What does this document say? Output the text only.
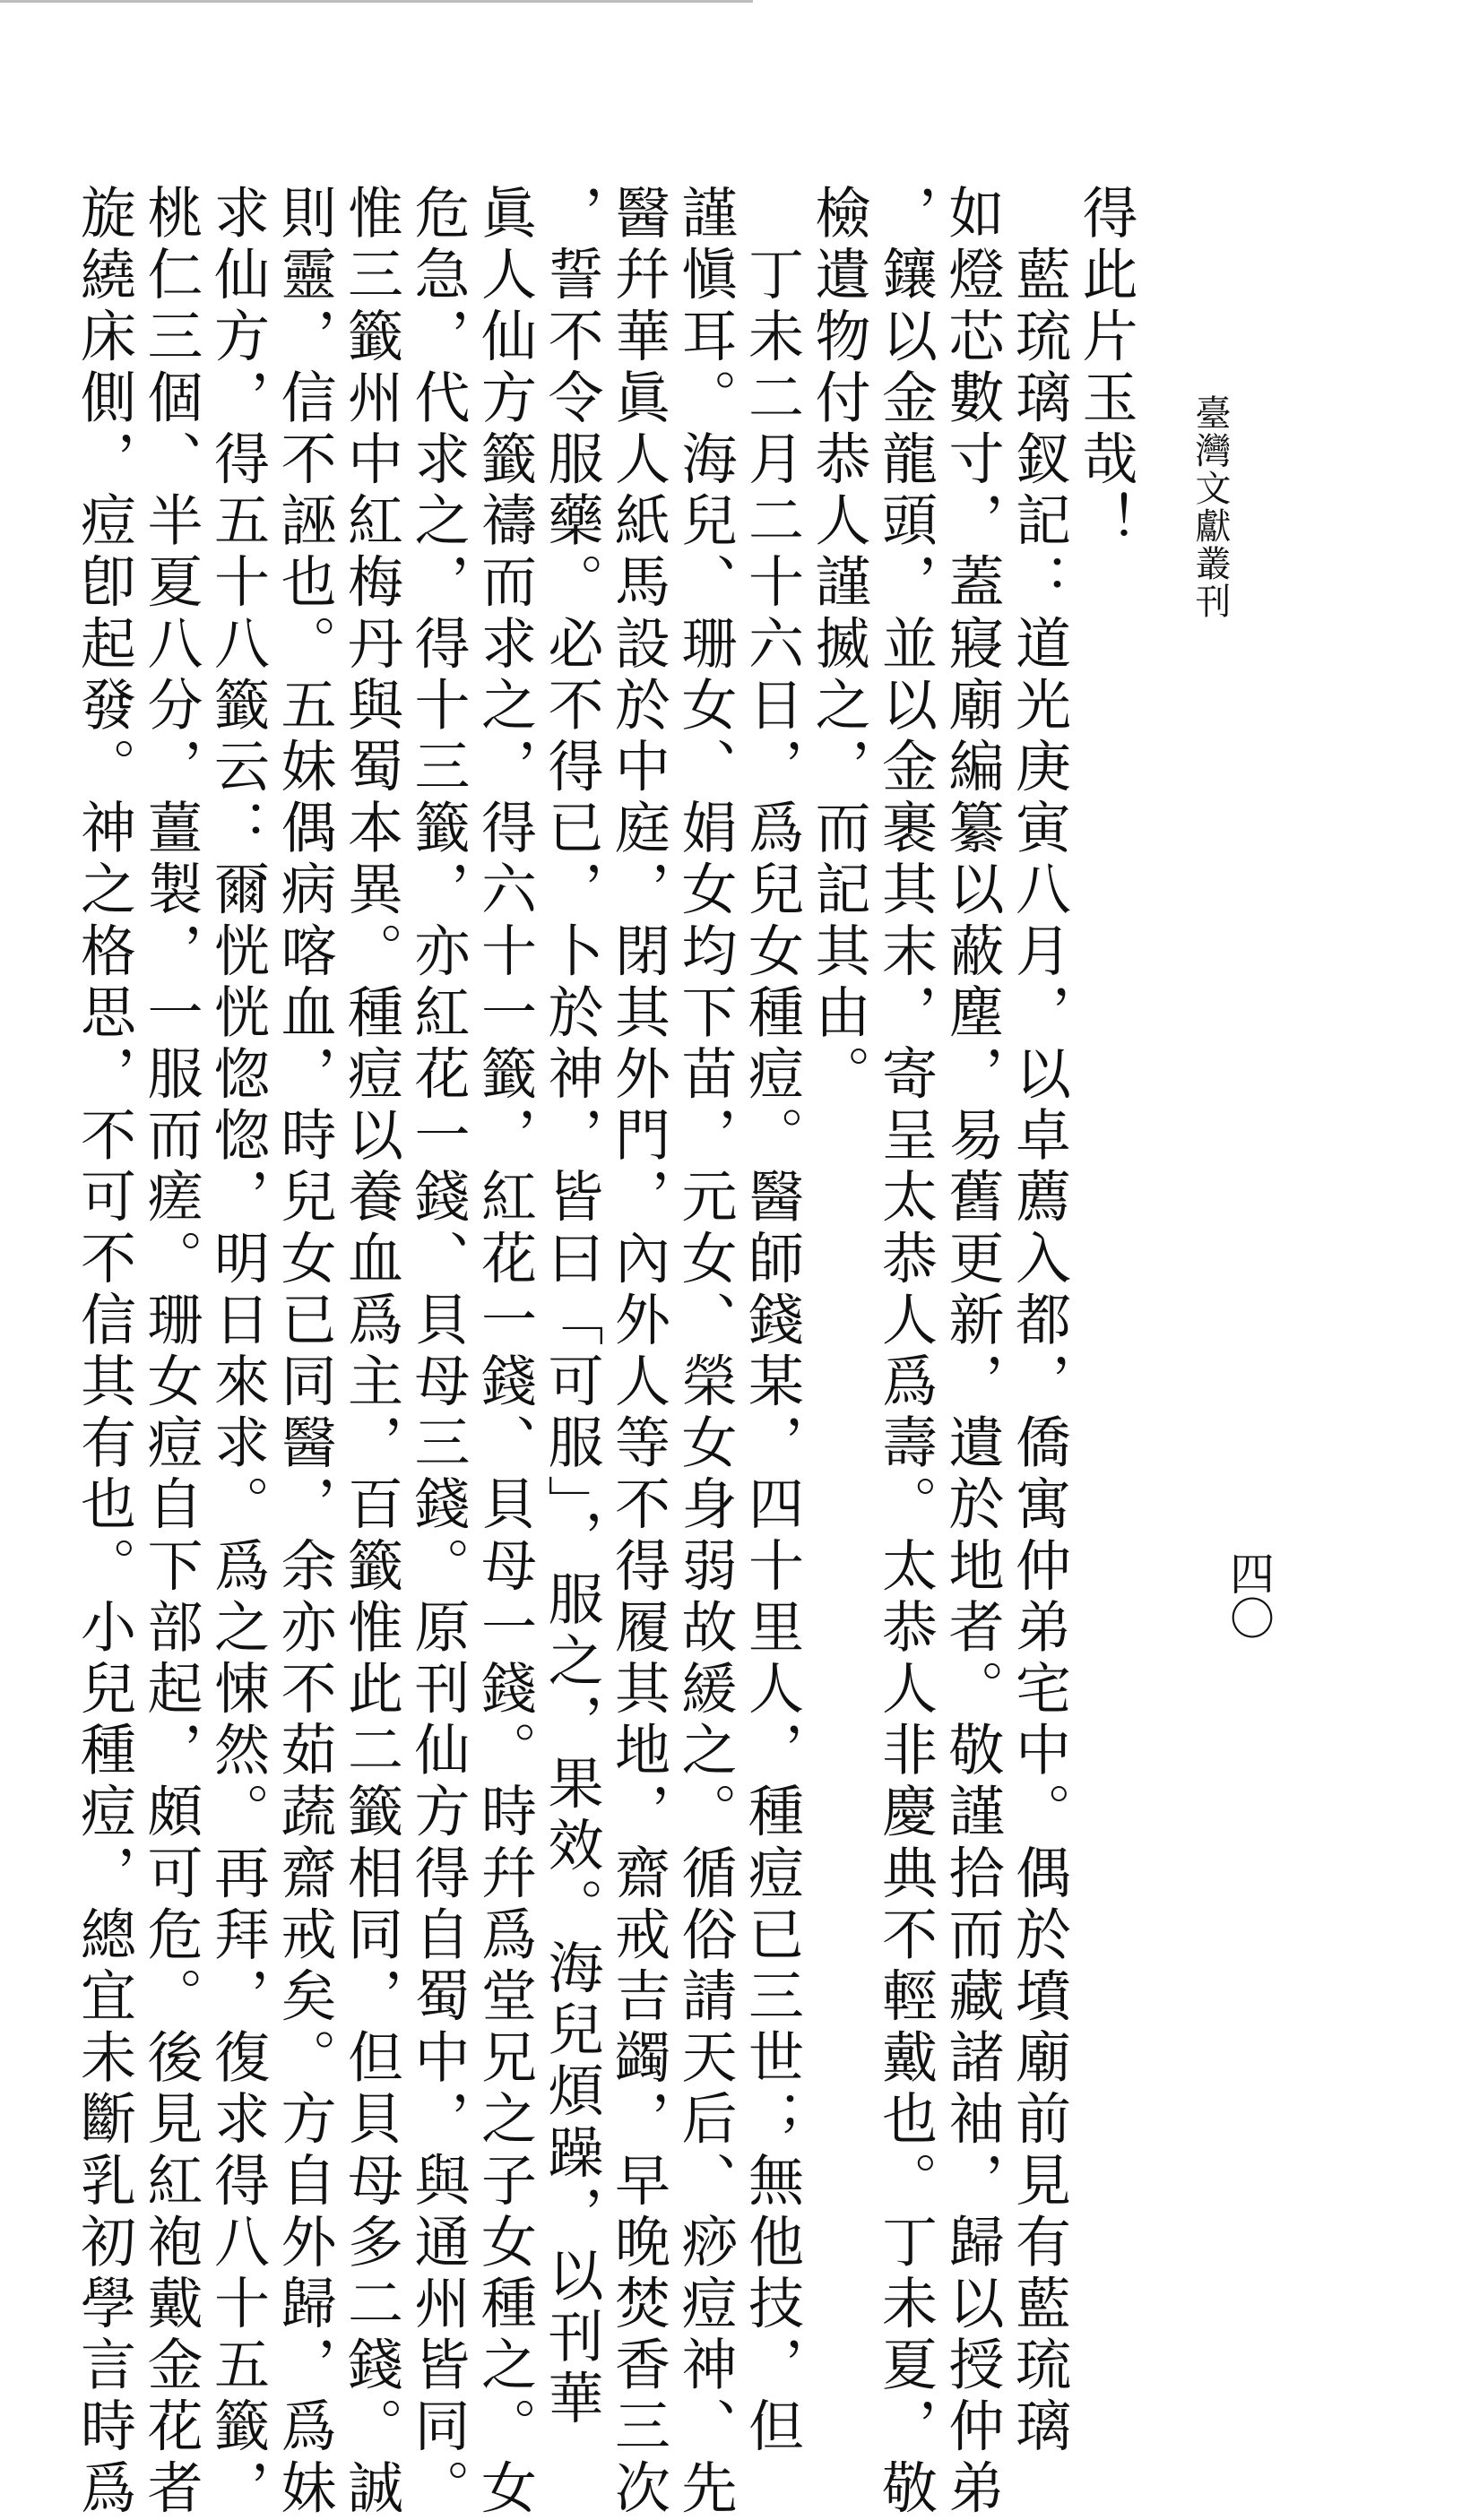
臺灣文獻叢刊
四〇
得此片玉哉！
　藍琉璃釵記：道光庚寅八月，以卓薦入都，僑寓仲弟宅中。偶於墳廟前見有藍琉璃
如燈芯數寸，蓋寢廟編纂以蔽塵，易舊更新，遺於地者。敬謹拾而藏諸袖，歸以授仲弟
，鑲以金龍頭，並以金裹其末，寄呈太恭人爲壽。太恭人非慶典不輕戴也。丁未夏，敬
檢遺物付恭人謹揻之，而記其由。
　丁未二月二十六日，爲兒女種痘。醫師錢某，四十里人，種痘已三世；無他技，但
謹愼耳。海兒、珊女、娟女均下苗，元女、榮女身弱故緩之。循俗請天后、痧痘神、先
醫幷華眞人紙馬設於中庭，閉其外門，內外人等不得履其地，齋戒吉蠲，早晚焚香三次
，誓不令服藥。必不得已，卜於神，皆曰「可服」，服之，果效。海兒煩躁，以刊華
眞人仙方籤禱而求之，得六十一籤，紅花一錢、貝母一錢。時幷爲堂兄之子女種之。女
危急，代求之，得十三籤，亦紅花一錢、貝母三錢。原刊仙方得自蜀中，與通州皆同。
惟三籤州中紅梅丹與蜀本異。種痘以養血爲主，百籤惟此二籤相同，但貝母多二錢。誠
則靈，信不誣也。五妹偶病喀血，時兒女已同醫，余亦不茹蔬齋戒矣。方自外歸，爲妹
求仙方，得五十八籤云：爾恍恍惚惚，明日來求。爲之悚然。再拜，復求得八十五籤，
桃仁三個、半夏八分，薑製，一服而瘥。珊女痘自下部起，頗可危。後見紅袍戴金花者
旋繞床側，痘卽起發。神之格思，不可不信其有也。小兒種痘，總宜未斷乳初學言時爲
